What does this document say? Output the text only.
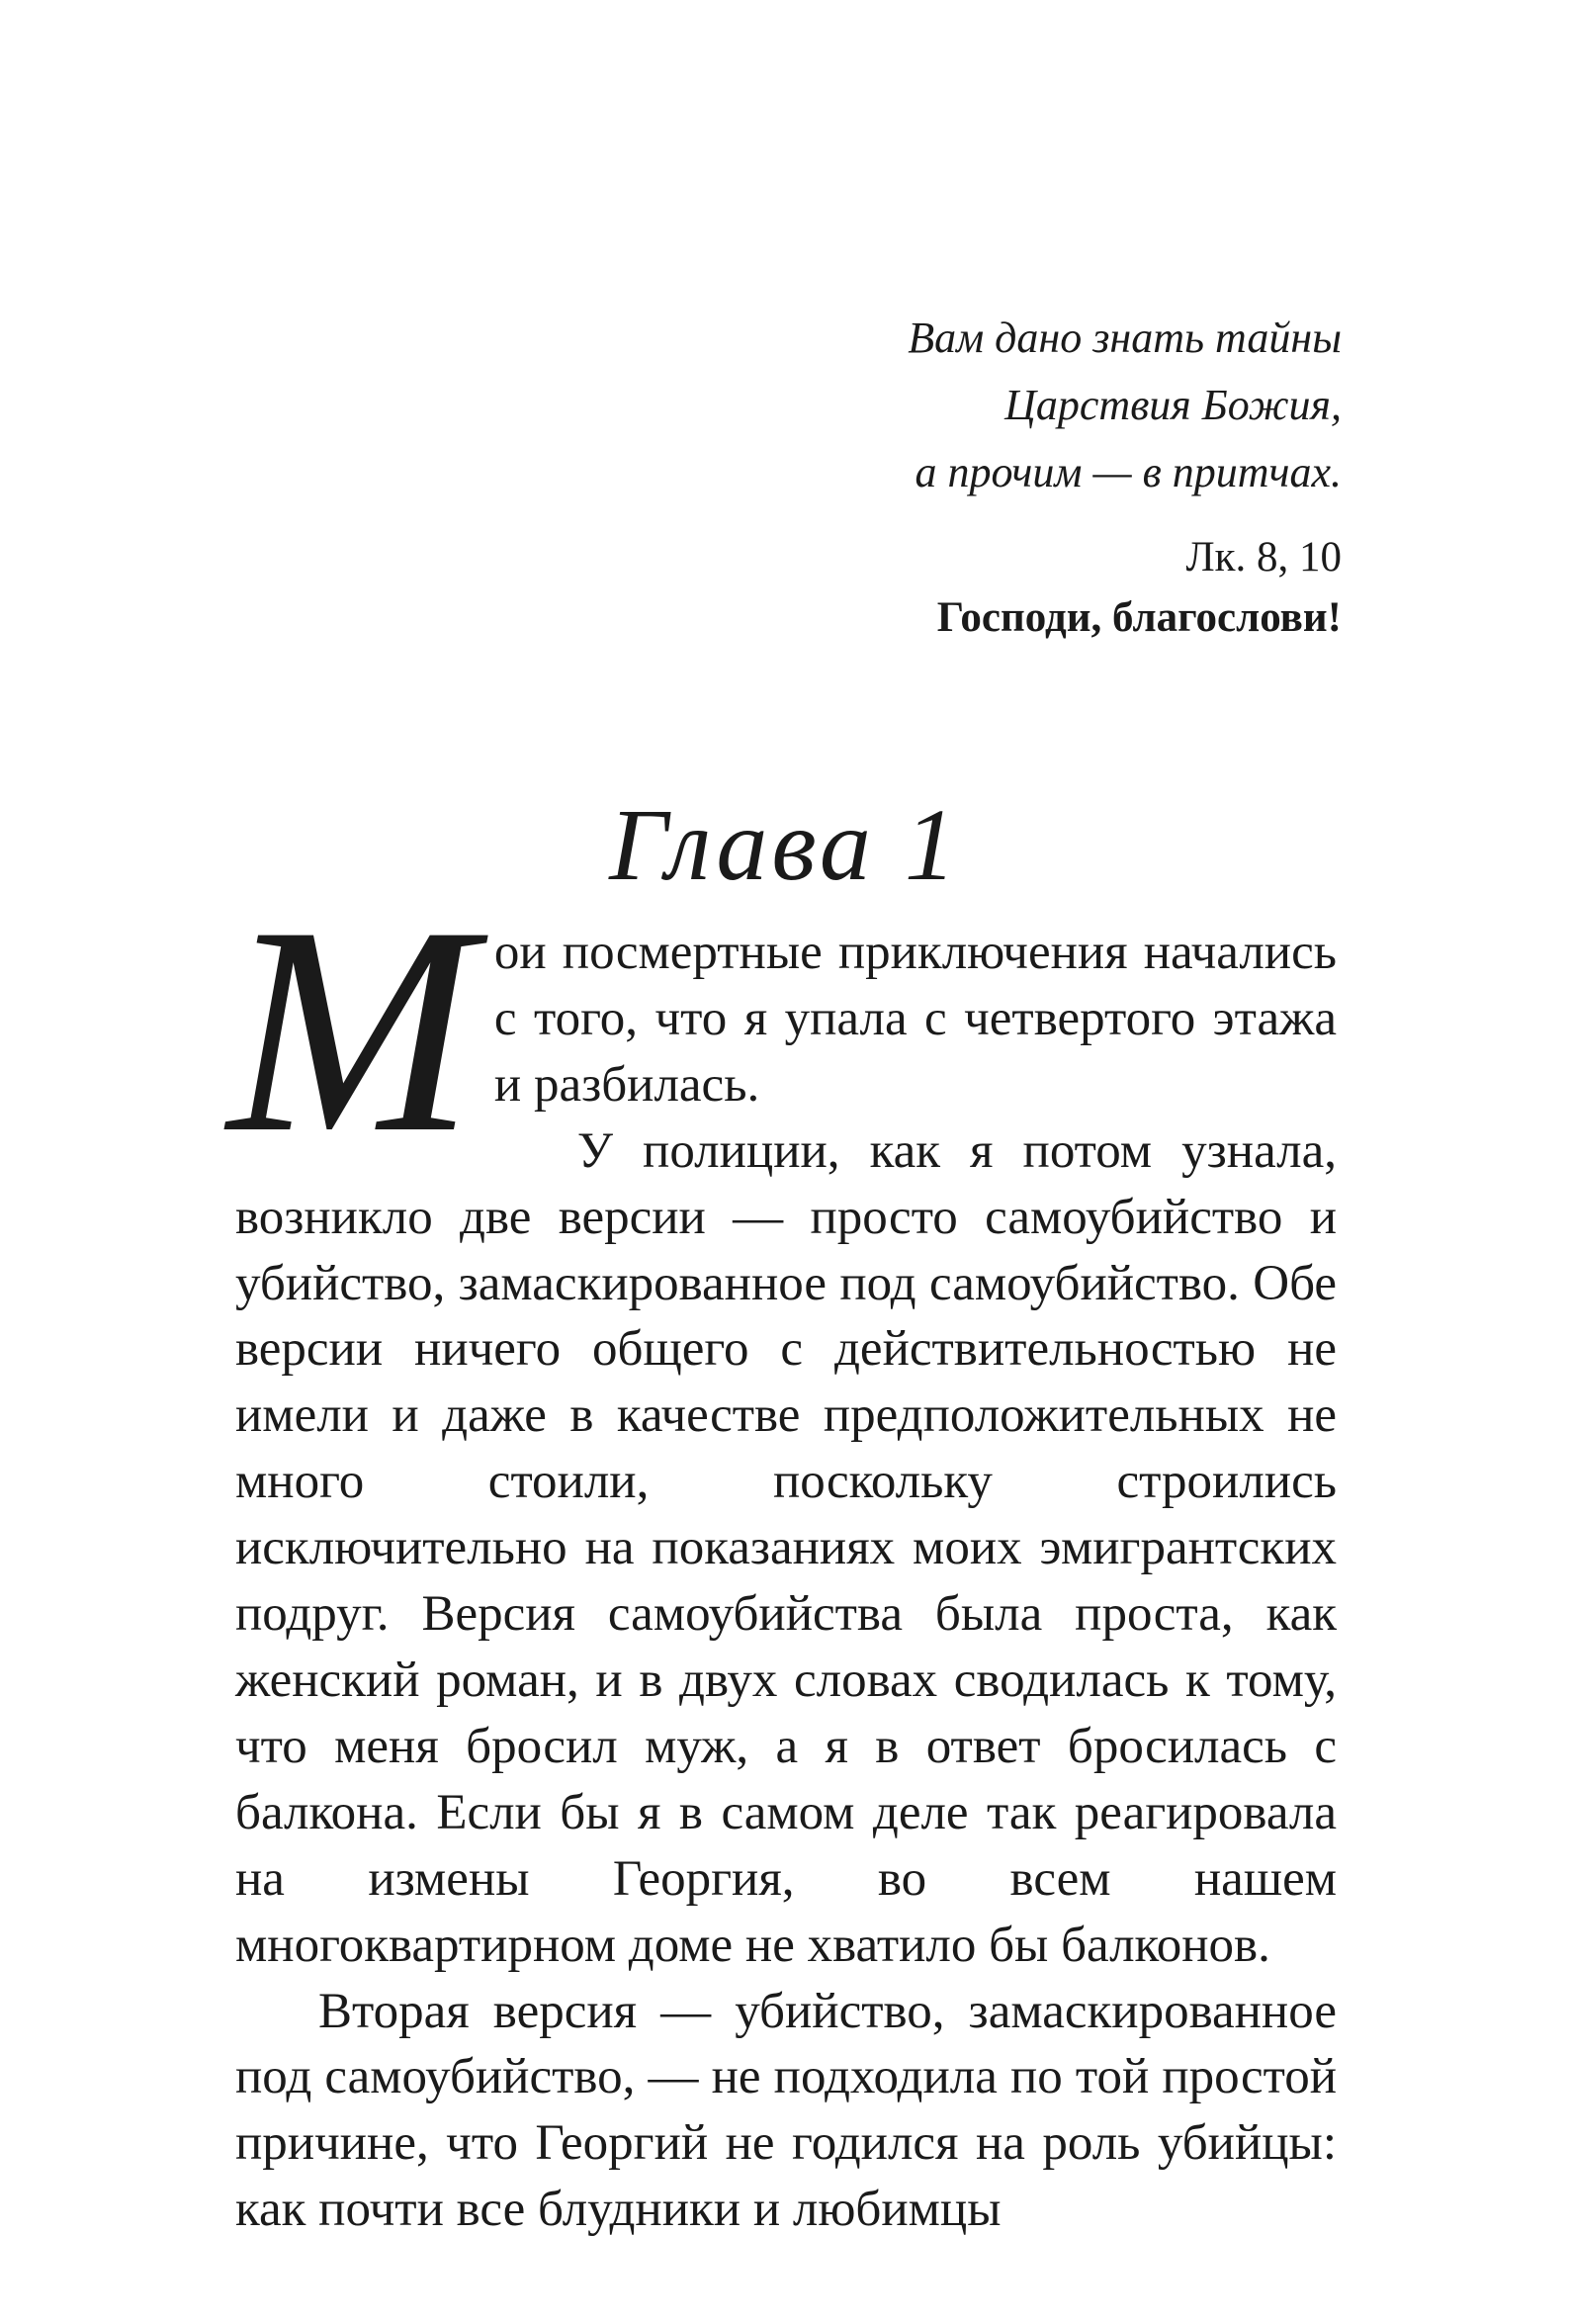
Вам дано знать тайны
Царствия Божия,
а прочим — в притчах.
Лк. 8, 10
Господи, благослови!
Глава 1

Мои посмертные приключения начались с того, что я упала с четвертого этажа и разбилась.

У полиции, как я потом узнала, возникло две версии — просто самоубийство и убийство, замаскированное под самоубийство. Обе версии ничего общего с действительностью не имели и даже в качестве предположительных не много стоили, поскольку строились исключительно на показаниях моих эмигрантских подруг. Версия самоубийства была проста, как женский роман, и в двух словах сводилась к тому, что меня бросил муж, а я в ответ бросилась с балкона. Если бы я в самом деле так реагировала на измены Георгия, во всем нашем многоквартирном доме не хватило бы балконов.

Вторая версия — убийство, замаскированное под самоубийство, — не подходила по той простой причине, что Георгий не годился на роль убийцы: как почти все блудники и любимцы
